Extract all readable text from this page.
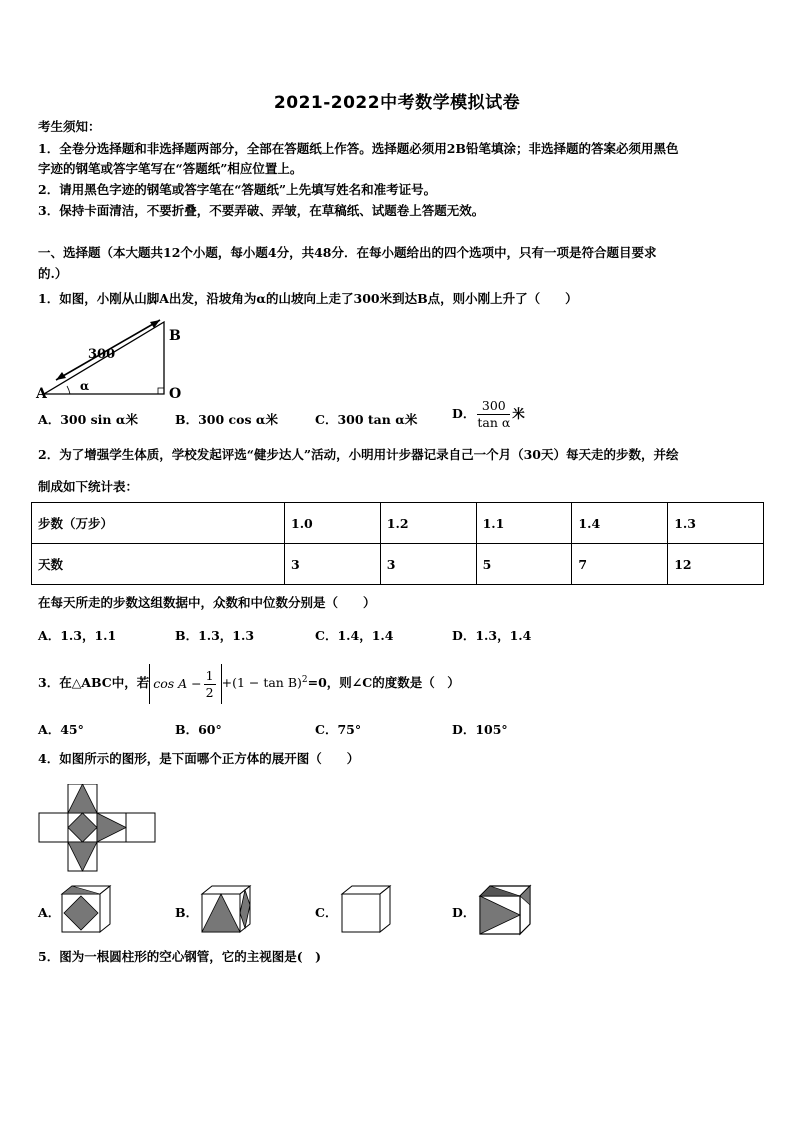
2021-2022中考数学模拟试卷
考生须知：
1．全卷分选择题和非选择题两部分，全部在答题纸上作答。选择题必须用2B铅笔填涂；非选择题的答案必须用黑色
字迹的钢笔或答字笔写在“答题纸”相应位置上。
2．请用黑色字迹的钢笔或答字笔在“答题纸”上先填写姓名和准考证号。
3．保持卡面清洁，不要折叠，不要弄破、弄皱，在草稿纸、试题卷上答题无效。
一、选择题（本大题共12个小题，每小题4分，共48分．在每小题给出的四个选项中，只有一项是符合题目要求
的.）
1．如图，小刚从山脚A出发，沿坡角为α的山坡向上走了300米到达B点，则小刚上升了（　　）
A
B
O
300
α
A．300 sin α米	B．300 cos α米	C．300 tan α米	D． $\frac{300}{\text{tan α}}$ 米
2．为了增强学生体质，学校发起评选“健步达人”活动，小明用计步器记录自己一个月（30天）每天走的步数，并绘
制成如下统计表：
步数（万步）	1.0	1.2	1.1	1.4	1.3
天数	3	3	5	7	12
在每天所走的步数这组数据中，众数和中位数分别是（　　）
A．1.3，1.1	B．1.3，1.3	C．1.4，1.4	D．1.3，1.4
3．在△ABC中，若 $\cos A - \frac{1}{2} +(1 - \tan B)^2=0$，则∠C的度数是（　）
A．45°	B．60°	C．75°	D．105°
4．如图所示的图形，是下面哪个正方体的展开图（　　）
A．	B．	C．	D．
5．图为一根圆柱形的空心钢管，它的主视图是(　)
